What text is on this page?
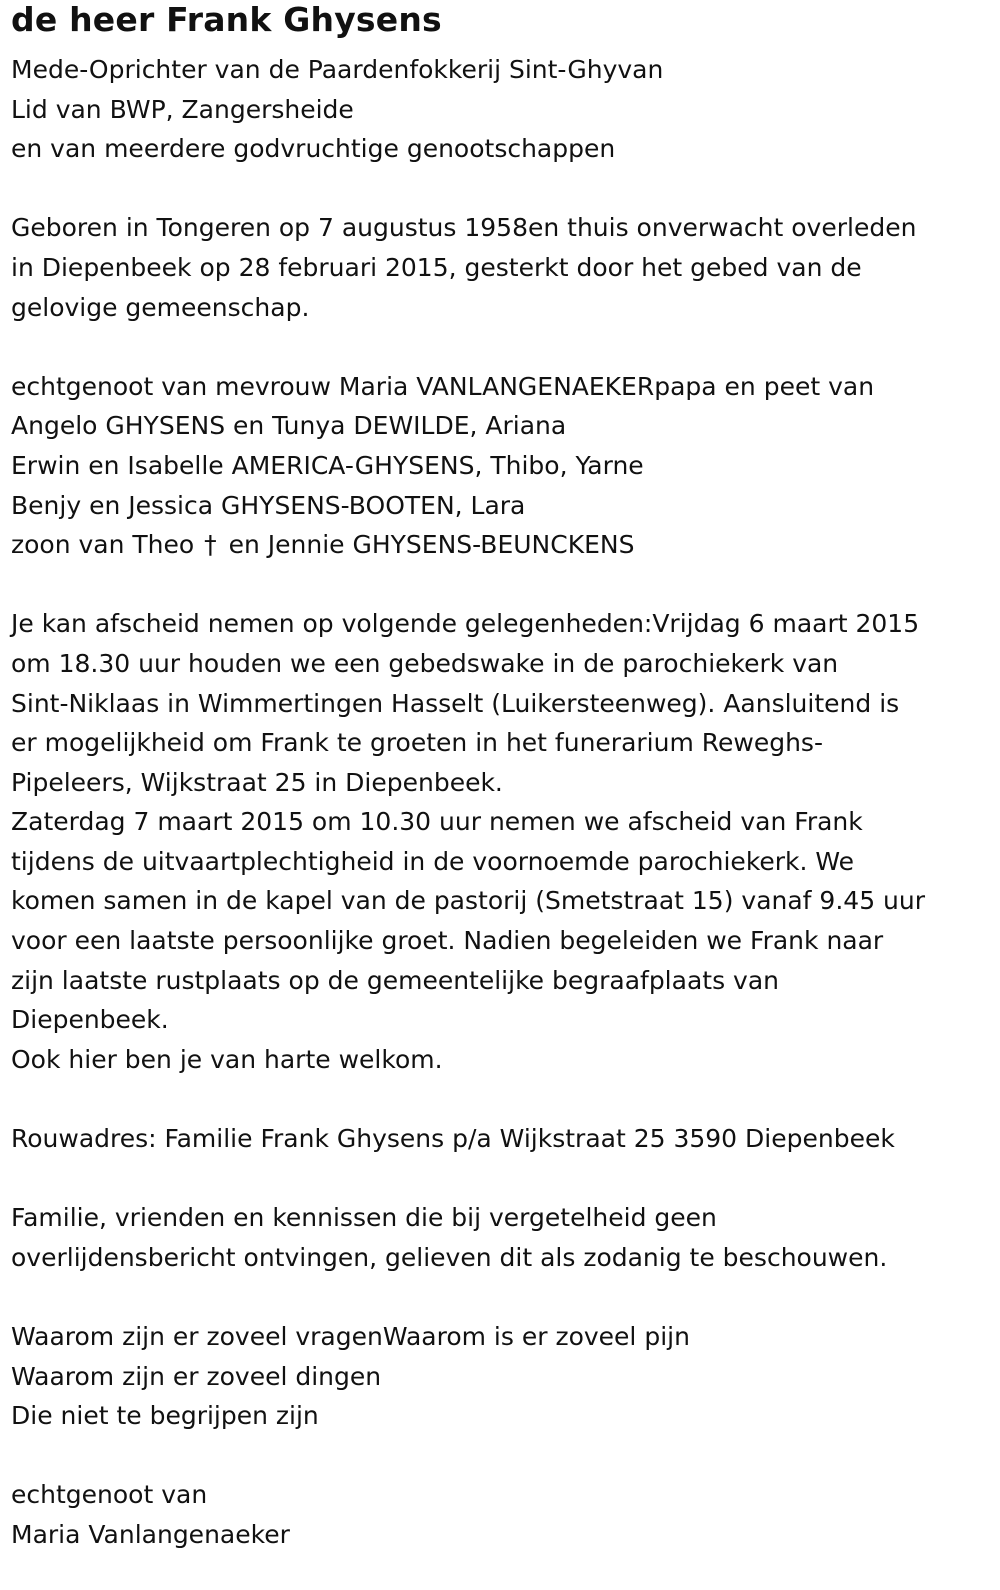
de heer Frank Ghysens

Mede-Oprichter van de Paardenfokkerij Sint-Ghyvan

Lid van BWP, Zangersheide

en van meerdere godvruchtige genootschappen

Geboren in Tongeren op 7 augustus 1958en thuis onverwacht overleden

in Diepenbeek op 28 februari 2015, gesterkt door het gebed van de

gelovige gemeenschap.

echtgenoot van mevrouw Maria VANLANGENAEKERpapa en peet van

Angelo GHYSENS en Tunya DEWILDE, Ariana

Erwin en Isabelle AMERICA-GHYSENS, Thibo, Yarne

Benjy en Jessica GHYSENS-BOOTEN, Lara

zoon van Theo † en Jennie GHYSENS-BEUNCKENS

Je kan afscheid nemen op volgende gelegenheden:Vrijdag 6 maart 2015

om 18.30 uur houden we een gebedswake in de parochiekerk van

Sint-Niklaas in Wimmertingen Hasselt (Luikersteenweg). Aansluitend is

er mogelijkheid om Frank te groeten in het funerarium Reweghs-

Pipeleers, Wijkstraat 25 in Diepenbeek.

Zaterdag 7 maart 2015 om 10.30 uur nemen we afscheid van Frank

tijdens de uitvaartplechtigheid in de voornoemde parochiekerk. We

komen samen in de kapel van de pastorij (Smetstraat 15) vanaf 9.45 uur

voor een laatste persoonlijke groet. Nadien begeleiden we Frank naar

zijn laatste rustplaats op de gemeentelijke begraafplaats van

Diepenbeek.

Ook hier ben je van harte welkom.

Rouwadres: Familie Frank Ghysens p/a Wijkstraat 25 3590 Diepenbeek

Familie, vrienden en kennissen die bij vergetelheid geen

overlijdensbericht ontvingen, gelieven dit als zodanig te beschouwen.

Waarom zijn er zoveel vragenWaarom is er zoveel pijn

Waarom zijn er zoveel dingen

Die niet te begrijpen zijn

echtgenoot van

Maria Vanlangenaeker
